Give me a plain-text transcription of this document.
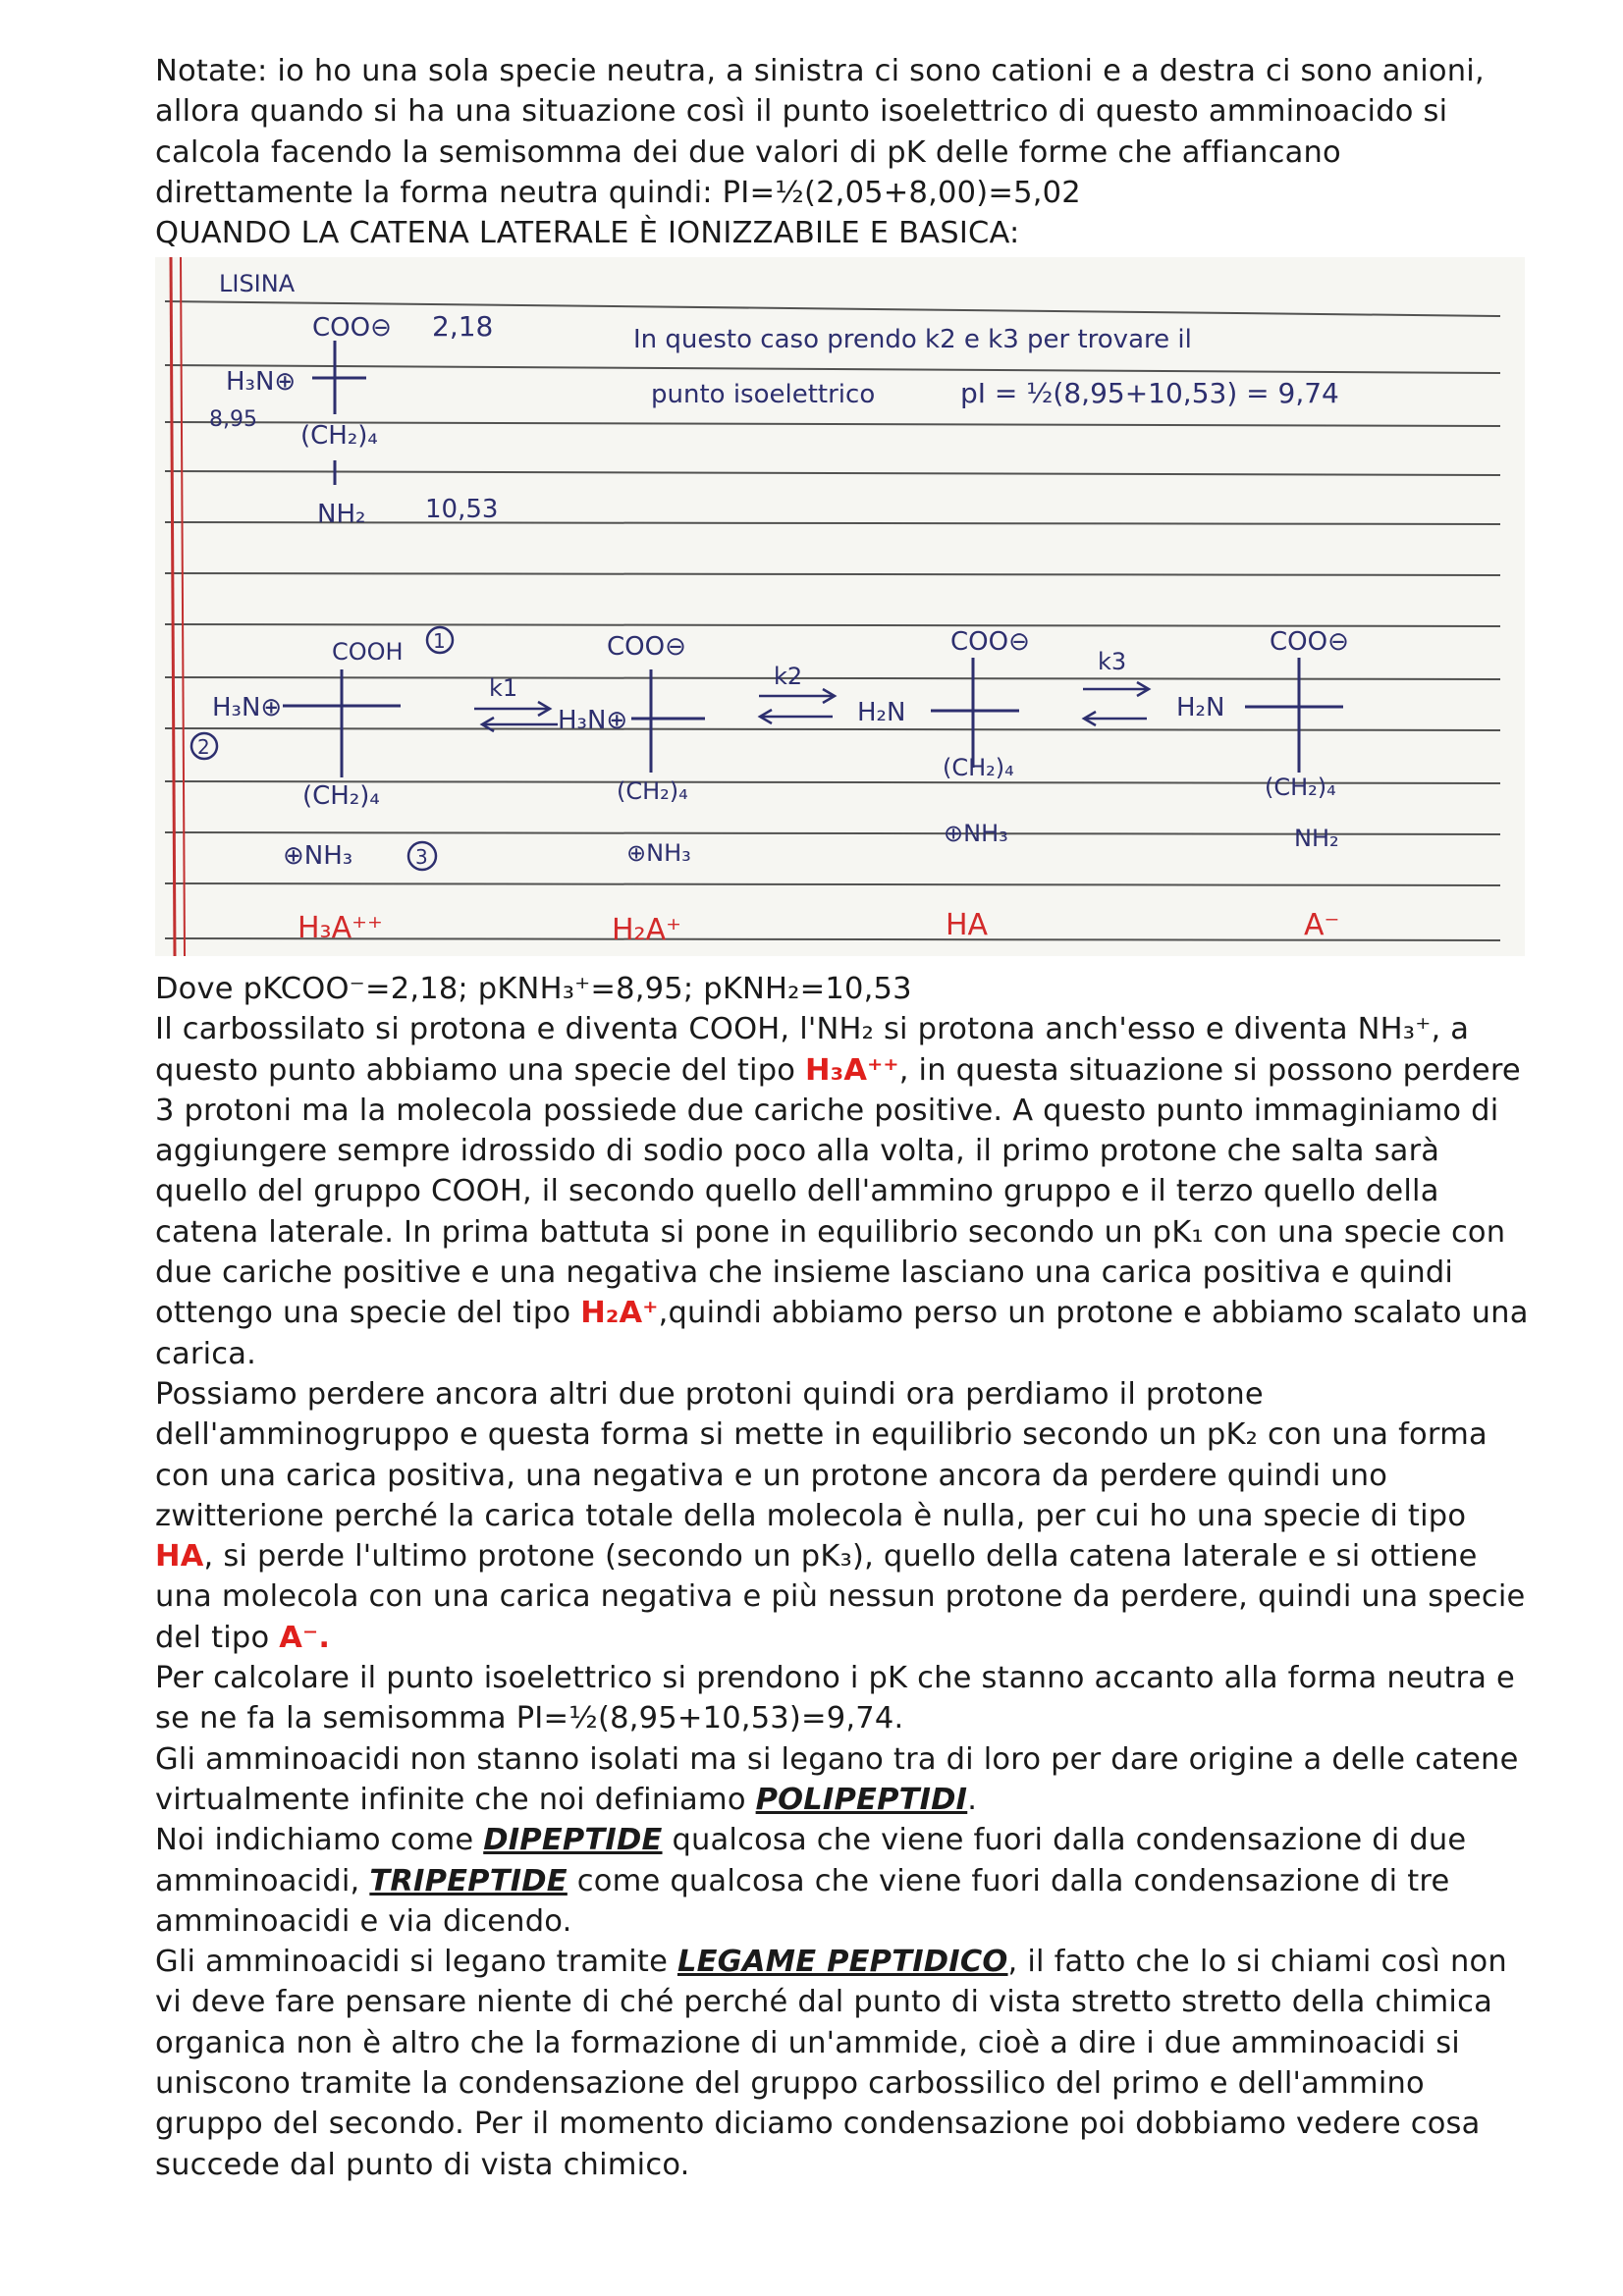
Notate: io ho una sola specie neutra, a sinistra ci sono cationi e a destra ci sono anioni, allora quando si ha una situazione così il punto isoelettrico di questo amminoacido si calcola facendo la semisomma dei due valori di pK delle forme che affiancano direttamente la forma neutra quindi: PI=½(2,05+8,00)=5,02

QUANDO LA CATENA LATERALE È IONIZZABILE E BASICA:

LISINA
COO⊖ 2,18
H₃N⊕
8,95
(CH₂)₄
NH₂ 10,53
In questo caso prendo k2 e k3 per trovare il
punto isoelettrico	pI = ½(8,95+10,53) = 9,74
COOH 1
H₃N⊕
2
(CH₂)₄
⊕NH₃	3
H₃A⁺⁺
k1
COO⊖
H₃N⊕
(CH₂)₄
⊕NH₃
H₂A⁺
k2
COO⊖
H₂N
(CH₂)₄
⊕NH₃
HA
k3
COO⊖
H₂N
(CH₂)₄
NH₂
A⁻

Dove pKCOO⁻=2,18; pKNH₃⁺=8,95; pKNH₂=10,53

Il carbossilato si protona e diventa COOH, l'NH₂ si protona anch'esso e diventa NH₃⁺, a questo punto abbiamo una specie del tipo H₃A⁺⁺, in questa situazione si possono perdere 3 protoni ma la molecola possiede due cariche positive. A questo punto immaginiamo di aggiungere sempre idrossido di sodio poco alla volta, il primo protone che salta sarà quello del gruppo COOH, il secondo quello dell'ammino gruppo e il terzo quello della catena laterale. In prima battuta si pone in equilibrio secondo un pK₁ con una specie con due cariche positive e una negativa che insieme lasciano una carica positiva e quindi ottengo una specie del tipo H₂A⁺,quindi abbiamo perso un protone e abbiamo scalato una carica.

Possiamo perdere ancora altri due protoni quindi ora perdiamo il protone dell'amminogruppo e questa forma si mette in equilibrio secondo un pK₂ con una forma con una carica positiva, una negativa e un protone ancora da perdere quindi uno zwitterione perché la carica totale della molecola è nulla, per cui ho una specie di tipo HA, si perde l'ultimo protone (secondo un pK₃), quello della catena laterale e si ottiene una molecola con una carica negativa e più nessun protone da perdere, quindi una specie del tipo A⁻.

Per calcolare il punto isoelettrico si prendono i pK che stanno accanto alla forma neutra e se ne fa la semisomma PI=½(8,95+10,53)=9,74.

Gli amminoacidi non stanno isolati ma si legano tra di loro per dare origine a delle catene virtualmente infinite che noi definiamo POLIPEPTIDI.

Noi indichiamo come DIPEPTIDE qualcosa che viene fuori dalla condensazione di due amminoacidi, TRIPEPTIDE come qualcosa che viene fuori dalla condensazione di tre amminoacidi e via dicendo.

Gli amminoacidi si legano tramite LEGAME PEPTIDICO, il fatto che lo si chiami così non vi deve fare pensare niente di ché perché dal punto di vista stretto stretto della chimica organica non è altro che la formazione di un'ammide, cioè a dire i due amminoacidi si uniscono tramite la condensazione del gruppo carbossilico del primo e dell'ammino gruppo del secondo. Per il momento diciamo condensazione poi dobbiamo vedere cosa succede dal punto di vista chimico.
